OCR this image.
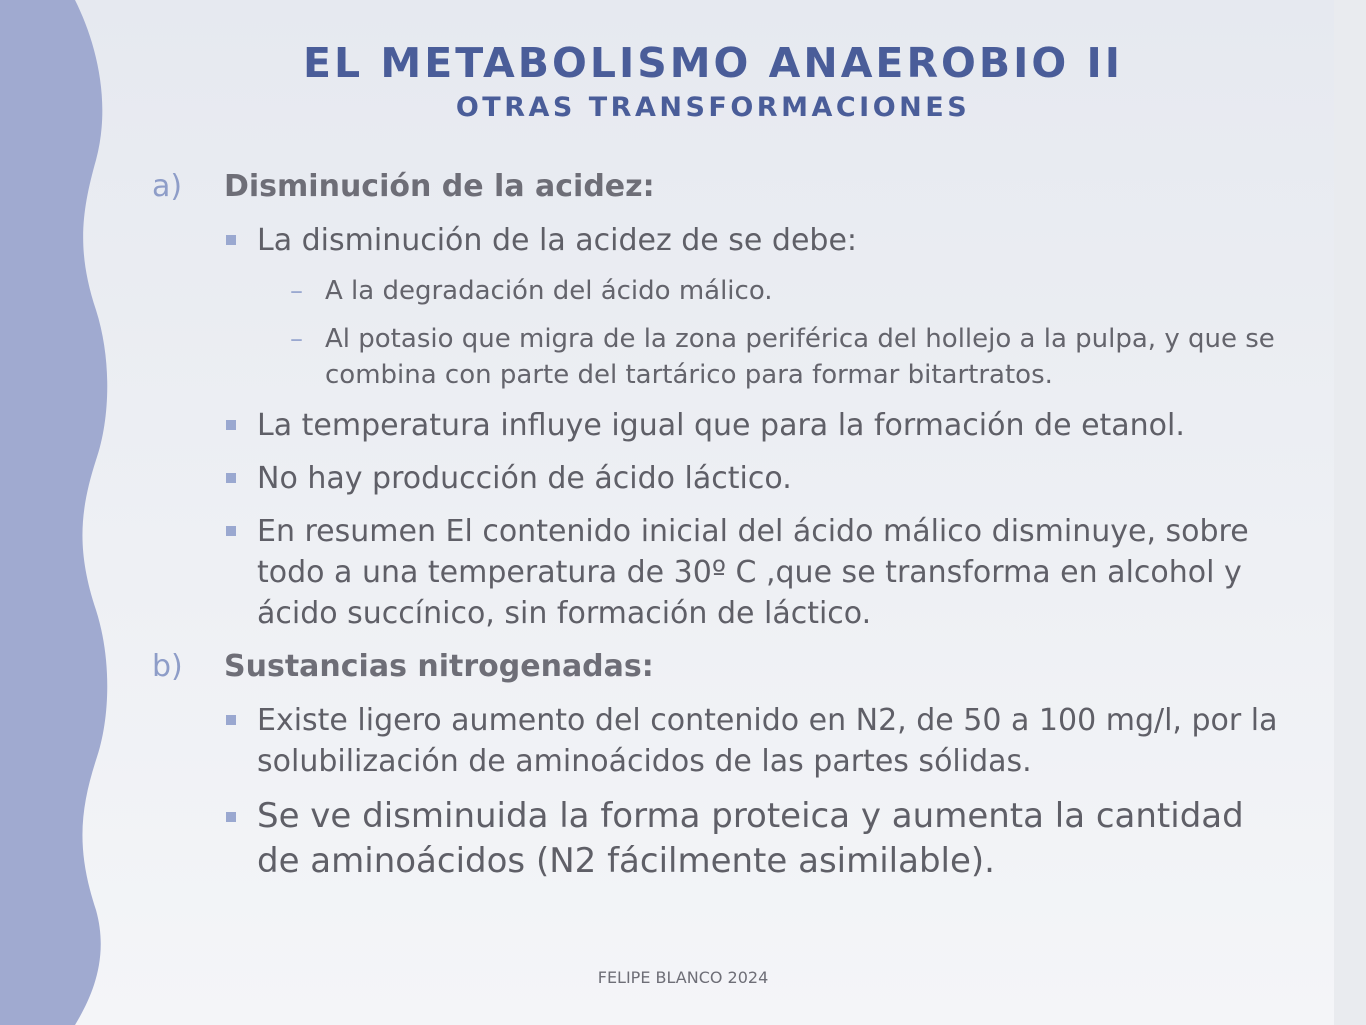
EL METABOLISMO ANAEROBIO II
OTRAS TRANSFORMACIONES
a) Disminución de la acidez:
La disminución de la acidez de se debe:
– A la degradación del ácido málico.
– Al potasio que migra de la zona periférica del hollejo a la pulpa, y que se combina con parte del tartárico para formar bitartratos.
La temperatura influye igual que para la formación de etanol.
No hay producción de ácido láctico.
En resumen El contenido inicial del ácido málico disminuye, sobre todo a una temperatura de 30º C ,que se transforma en alcohol y ácido succínico, sin formación de láctico.
b) Sustancias nitrogenadas:
Existe ligero aumento del contenido en N2, de 50 a 100 mg/l, por la solubilización de aminoácidos de las partes sólidas.
Se ve disminuida la forma proteica y aumenta la cantidad de aminoácidos (N2 fácilmente asimilable).
FELIPE BLANCO 2024
